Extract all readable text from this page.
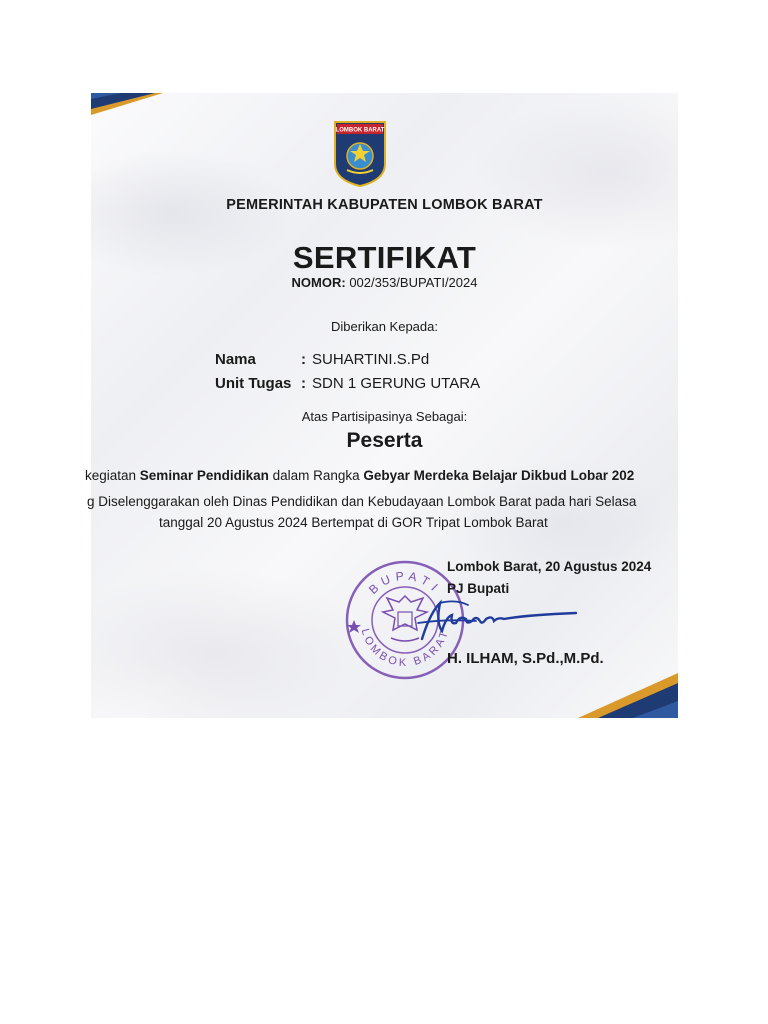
LOMBOK BARAT
PEMERINTAH KABUPATEN LOMBOK BARAT
SERTIFIKAT
NOMOR: 002/353/BUPATI/2024
Diberikan Kepada:
Nama	: SUHARTINI.S.Pd
Unit Tugas : SDN 1 GERUNG UTARA
Atas Partisipasinya Sebagai:
Peserta
kegiatan Seminar Pendidikan dalam Rangka Gebyar Merdeka Belajar Dikbud Lobar 202
g Diselenggarakan oleh Dinas Pendidikan dan Kebudayaan Lombok Barat pada hari Selasa
tanggal 20 Agustus 2024 Bertempat di GOR Tripat Lombok Barat
BUPATI
LOMBOK BARAT
Lombok Barat, 20 Agustus 2024
PJ Bupati
H. ILHAM, S.Pd.,M.Pd.
